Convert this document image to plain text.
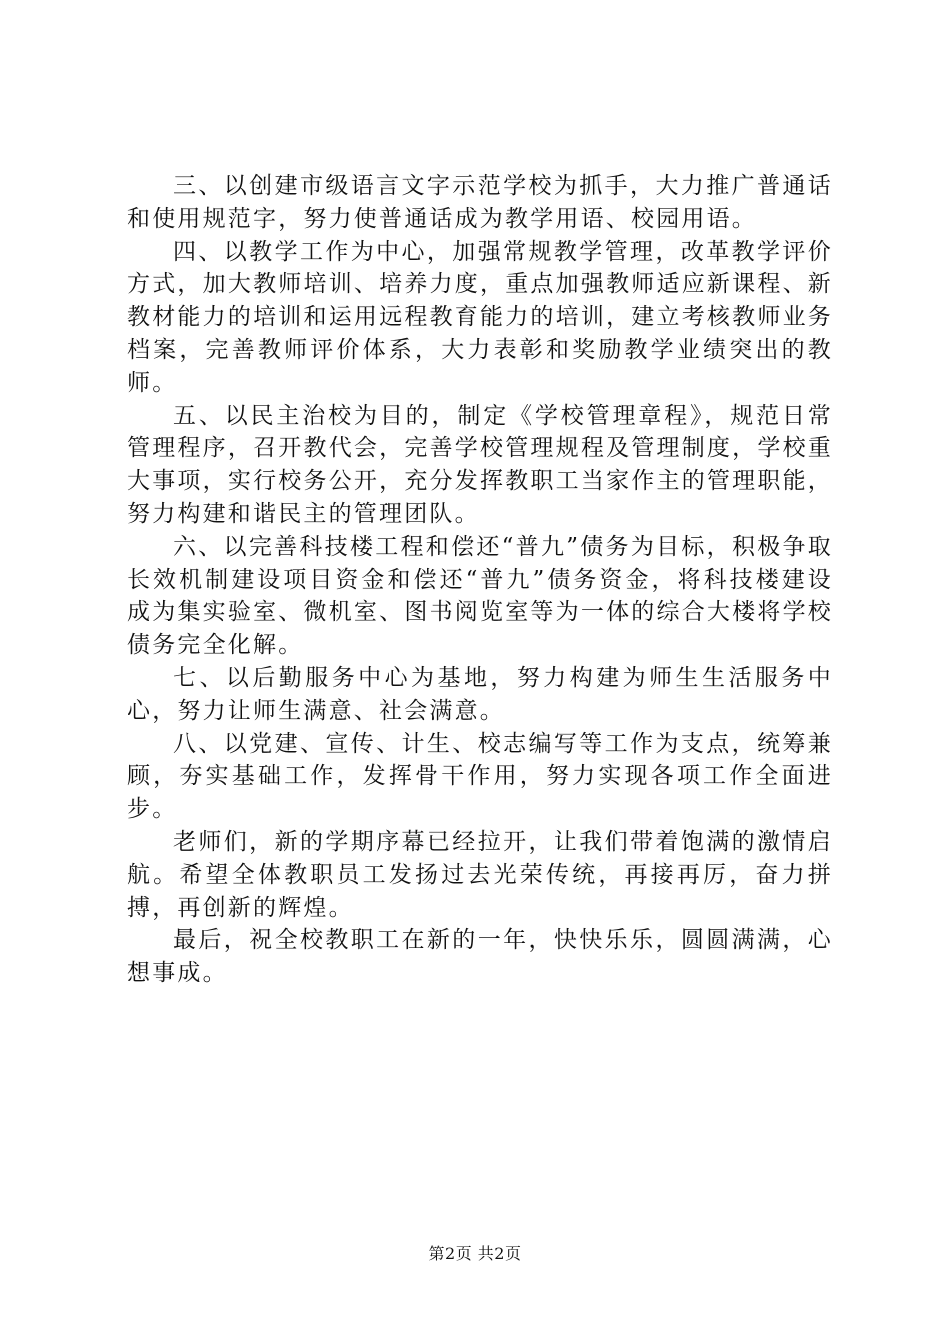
三、以创建市级语言文字示范学校为抓手，大力推广普通话和使用规范字，努力使普通话成为教学用语、校园用语。

四、以教学工作为中心，加强常规教学管理，改革教学评价方式，加大教师培训、培养力度，重点加强教师适应新课程、新教材能力的培训和运用远程教育能力的培训，建立考核教师业务档案，完善教师评价体系，大力表彰和奖励教学业绩突出的教师。

五、以民主治校为目的，制定《学校管理章程》，规范日常管理程序，召开教代会，完善学校管理规程及管理制度，学校重大事项，实行校务公开，充分发挥教职工当家作主的管理职能，努力构建和谐民主的管理团队。

六、以完善科技楼工程和偿还“普九”债务为目标，积极争取长效机制建设项目资金和偿还“普九”债务资金，将科技楼建设成为集实验室、微机室、图书阅览室等为一体的综合大楼将学校债务完全化解。

七、以后勤服务中心为基地，努力构建为师生生活服务中心，努力让师生满意、社会满意。

八、以党建、宣传、计生、校志编写等工作为支点，统筹兼顾，夯实基础工作，发挥骨干作用，努力实现各项工作全面进步。

老师们，新的学期序幕已经拉开，让我们带着饱满的激情启航。希望全体教职员工发扬过去光荣传统，再接再厉，奋力拼搏，再创新的辉煌。

最后，祝全校教职工在新的一年，快快乐乐，圆圆满满，心想事成。

第2页 共2页
